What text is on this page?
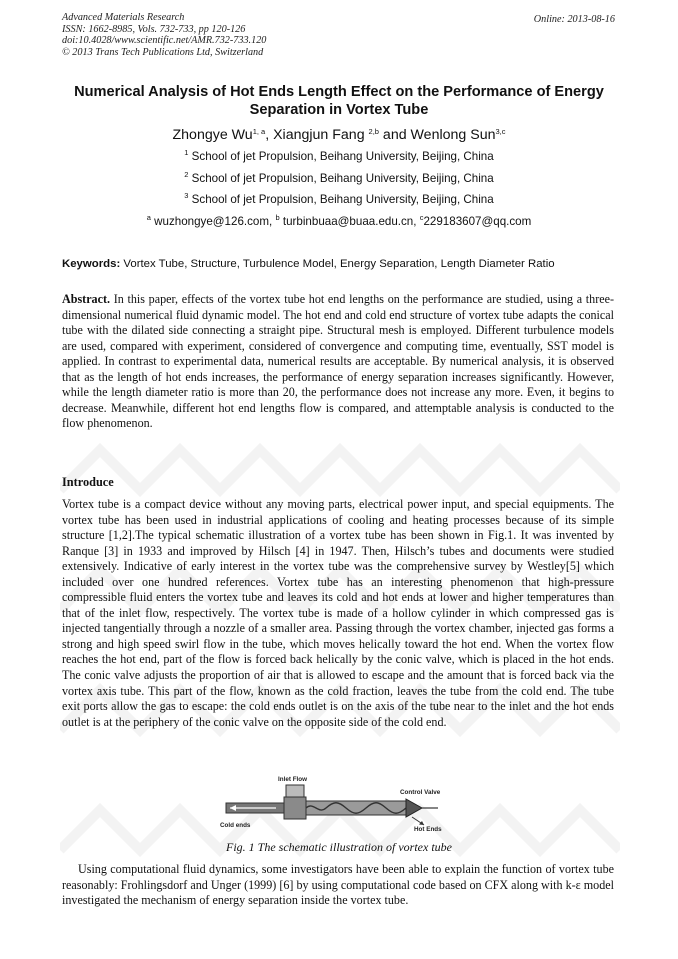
Advanced Materials Research
ISSN: 1662-8985, Vols. 732-733, pp 120-126
doi:10.4028/www.scientific.net/AMR.732-733.120
© 2013 Trans Tech Publications Ltd, Switzerland
Online: 2013-08-16
Numerical Analysis of Hot Ends Length Effect on the Performance of Energy Separation in Vortex Tube
Zhongye Wu$^{1, a}$, Xiangjun Fang $^{2,b}$ and Wenlong Sun$^{3,c}$
$^1$ School of jet Propulsion, Beihang University, Beijing, China
$^2$ School of jet Propulsion, Beihang University, Beijing, China
$^3$ School of jet Propulsion, Beihang University, Beijing, China
$^a$ wuzhongye@126.com, $^b$ turbinbuaa@buaa.edu.cn, $^c$229183607@qq.com
Keywords: Vortex Tube, Structure, Turbulence Model, Energy Separation, Length Diameter Ratio
Abstract. In this paper, effects of the vortex tube hot end lengths on the performance are studied, using a three-dimensional numerical fluid dynamic model. The hot end and cold end structure of vortex tube adapts the conical tube with the dilated side connecting a straight pipe. Structural mesh is employed. Different turbulence models are used, compared with experiment, considered of convergence and computing time, eventually, SST model is applied. In contrast to experimental data, numerical results are acceptable. By numerical analysis, it is observed that as the length of hot ends increases, the performance of energy separation increases significantly. However, while the length diameter ratio is more than 20, the performance does not increase any more. Even, it begins to decrease. Meanwhile, different hot end lengths flow is compared, and attemptable analysis is conducted to the flow phenomenon.
Introduce
Vortex tube is a compact device without any moving parts, electrical power input, and special equipments. The vortex tube has been used in industrial applications of cooling and heating processes because of its simple structure [1,2].The typical schematic illustration of a vortex tube has been shown in Fig.1. It was invented by Ranque [3] in 1933 and improved by Hilsch [4] in 1947. Then, Hilsch’s tubes and documents were studied extensively. Indicative of early interest in the vortex tube was the comprehensive survey by Westley[5] which included over one hundred references. Vortex tube has an interesting phenomenon that high-pressure compressible fluid enters the vortex tube and leaves its cold and hot ends at lower and higher temperatures than that of the inlet flow, respectively. The vortex tube is made of a hollow cylinder in which compressed gas is injected tangentially through a nozzle of a smaller area. Passing through the vortex chamber, injected gas forms a strong and high speed swirl flow in the tube, which moves helically toward the hot end. When the vortex flow reaches the hot end, part of the flow is forced back helically by the conic valve, which is placed in the hot ends. The conic valve adjusts the proportion of air that is allowed to escape and the amount that is forced back via the vortex axis tube. This part of the flow, known as the cold fraction, leaves the tube from the cold end. The tube exit ports allow the gas to escape: the cold ends outlet is on the axis of the tube near to the inlet and the hot ends outlet is at the periphery of the conic valve on the opposite side of the cold end.
Inlet Flow
Control Valve
Cold ends
Hot Ends
Fig. 1 The schematic illustration of vortex tube
Using computational fluid dynamics, some investigators have been able to explain the function of vortex tube reasonably: Frohlingsdorf and Unger (1999) [6] by using computational code based on CFX along with k-ε model investigated the mechanism of energy separation inside the vortex tube.
